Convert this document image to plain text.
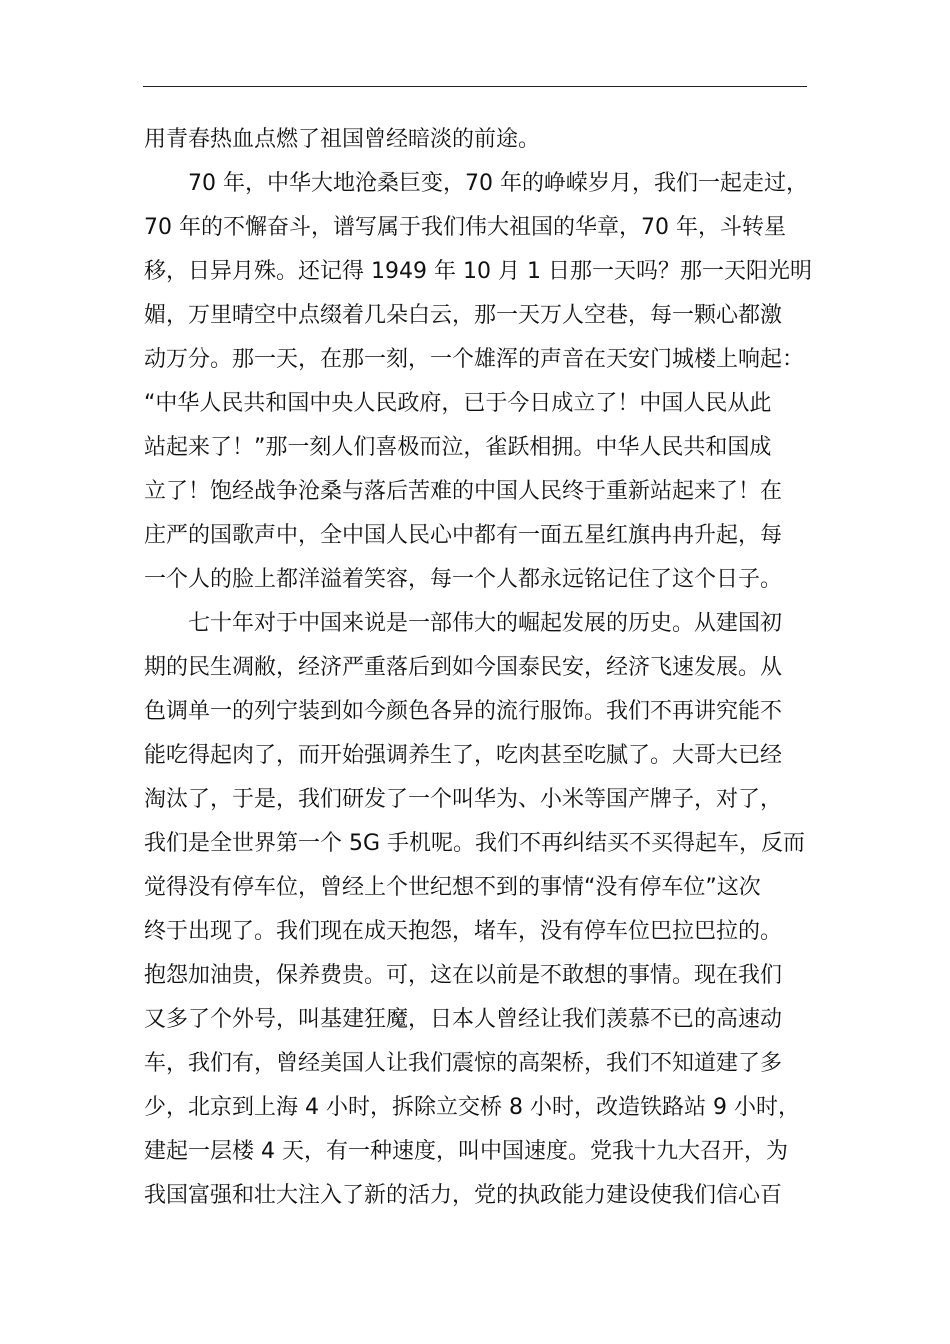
用青春热血点燃了祖国曾经暗淡的前途。
70 年，中华大地沧桑巨变，70 年的峥嵘岁月，我们一起走过，
70 年的不懈奋斗，谱写属于我们伟大祖国的华章，70 年，斗转星
移，日异月殊。还记得 1949 年 10 月 1 日那一天吗？那一天阳光明
媚，万里晴空中点缀着几朵白云，那一天万人空巷，每一颗心都激
动万分。那一天，在那一刻，一个雄浑的声音在天安门城楼上响起：
“中华人民共和国中央人民政府，已于今日成立了！中国人民从此
站起来了！”那一刻人们喜极而泣，雀跃相拥。中华人民共和国成
立了！饱经战争沧桑与落后苦难的中国人民终于重新站起来了！在
庄严的国歌声中，全中国人民心中都有一面五星红旗冉冉升起，每
一个人的脸上都洋溢着笑容，每一个人都永远铭记住了这个日子。
七十年对于中国来说是一部伟大的崛起发展的历史。从建国初
期的民生凋敝，经济严重落后到如今国泰民安，经济飞速发展。从
色调单一的列宁装到如今颜色各异的流行服饰。我们不再讲究能不
能吃得起肉了，而开始强调养生了，吃肉甚至吃腻了。大哥大已经
淘汰了，于是，我们研发了一个叫华为、小米等国产牌子，对了，
我们是全世界第一个 5G 手机呢。我们不再纠结买不买得起车，反而
觉得没有停车位，曾经上个世纪想不到的事情“没有停车位”这次
终于出现了。我们现在成天抱怨，堵车，没有停车位巴拉巴拉的。
抱怨加油贵，保养费贵。可，这在以前是不敢想的事情。现在我们
又多了个外号，叫基建狂魔，日本人曾经让我们羡慕不已的高速动
车，我们有，曾经美国人让我们震惊的高架桥，我们不知道建了多
少，北京到上海 4 小时，拆除立交桥 8 小时，改造铁路站 9 小时，
建起一层楼 4 天，有一种速度，叫中国速度。党我十九大召开，为
我国富强和壮大注入了新的活力，党的执政能力建设使我们信心百
